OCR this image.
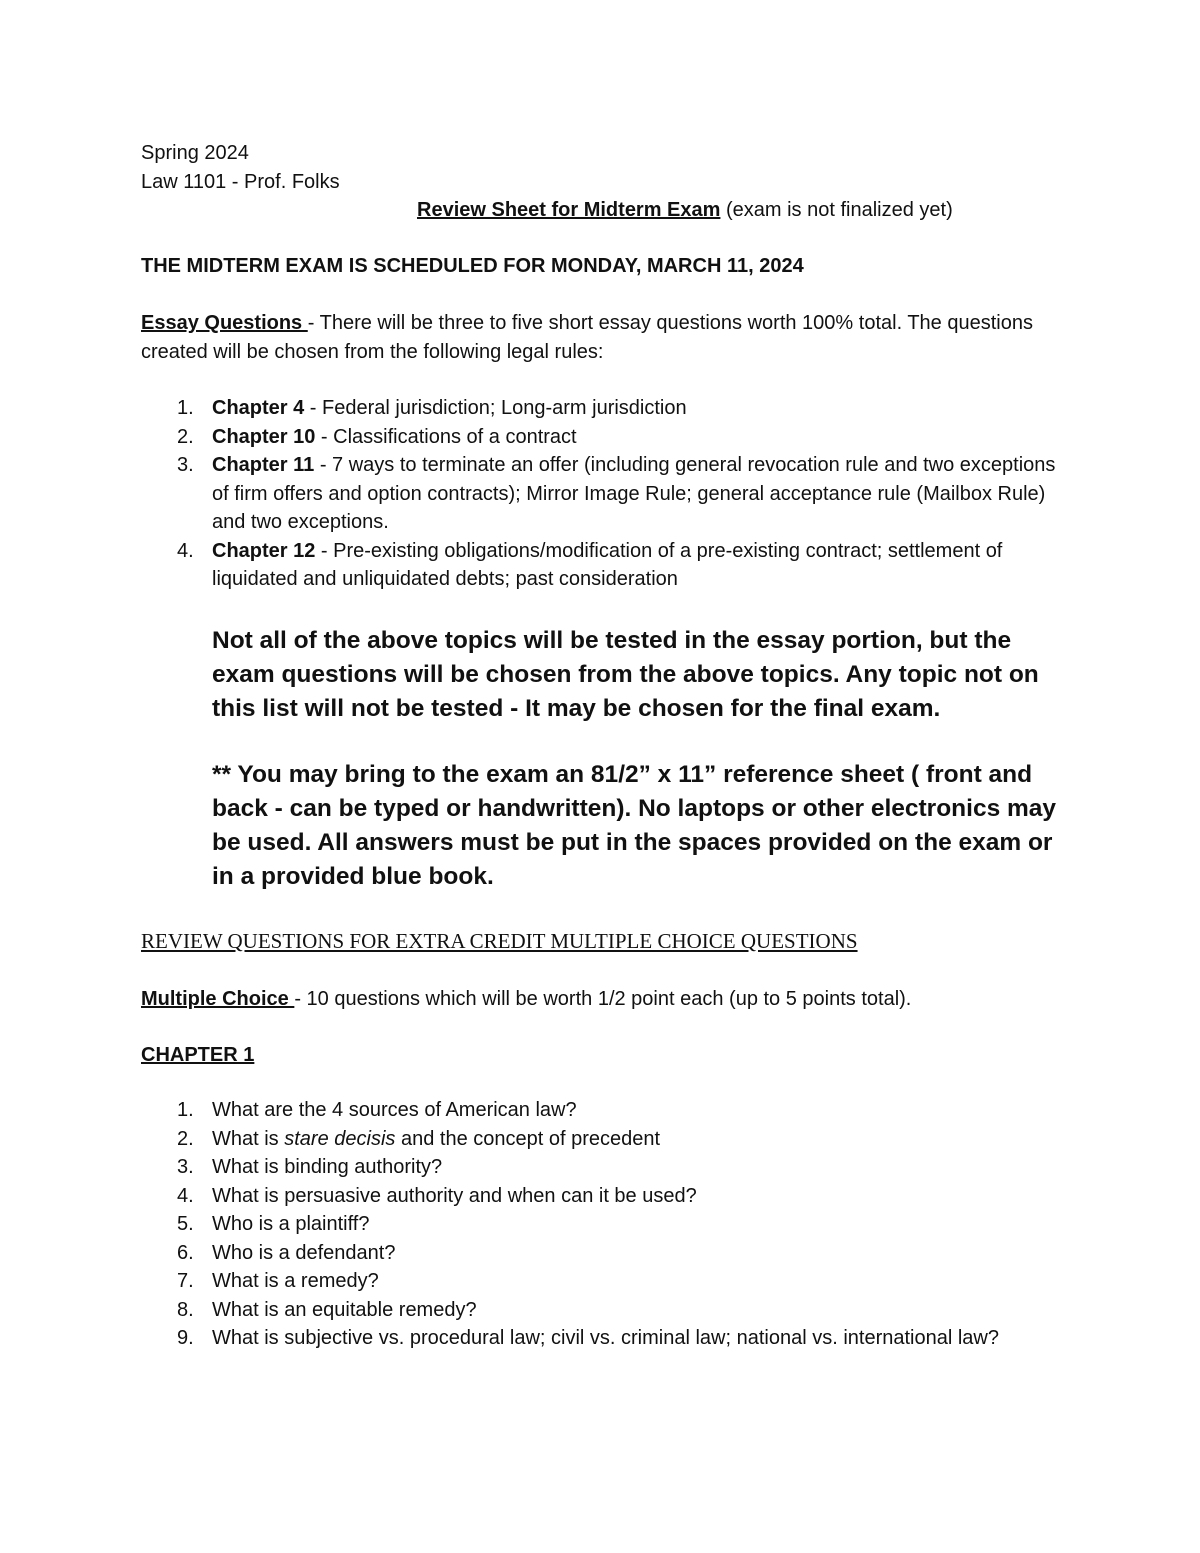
Spring 2024
Law 1101 - Prof. Folks
Review Sheet for Midterm Exam (exam is not finalized yet)
THE MIDTERM EXAM IS SCHEDULED FOR MONDAY, MARCH 11, 2024
Essay Questions - There will be three to five short essay questions worth 100% total. The questions created will be chosen from the following legal rules:
1. Chapter 4 - Federal jurisdiction; Long-arm jurisdiction
2. Chapter 10 - Classifications of a contract
3. Chapter 11 - 7 ways to terminate an offer (including general revocation rule and two exceptions of firm offers and option contracts); Mirror Image Rule; general acceptance rule (Mailbox Rule) and two exceptions.
4. Chapter 12 - Pre-existing obligations/modification of a pre-existing contract; settlement of liquidated and unliquidated debts; past consideration
Not all of the above topics will be tested in the essay portion, but the exam questions will be chosen from the above topics. Any topic not on this list will not be tested - It may be chosen for the final exam.
** You may bring to the exam an 81/2” x 11” reference sheet ( front and back - can be typed or handwritten). No laptops or other electronics may be used. All answers must be put in the spaces provided on the exam or in a provided blue book.
REVIEW QUESTIONS FOR EXTRA CREDIT MULTIPLE CHOICE QUESTIONS
Multiple Choice - 10 questions which will be worth 1/2 point each (up to 5 points total).
CHAPTER 1
1. What are the 4 sources of American law?
2. What is stare decisis and the concept of precedent
3. What is binding authority?
4. What is persuasive authority and when can it be used?
5. Who is a plaintiff?
6. Who is a defendant?
7. What is a remedy?
8. What is an equitable remedy?
9. What is subjective vs. procedural law; civil vs. criminal law; national vs. international law?
